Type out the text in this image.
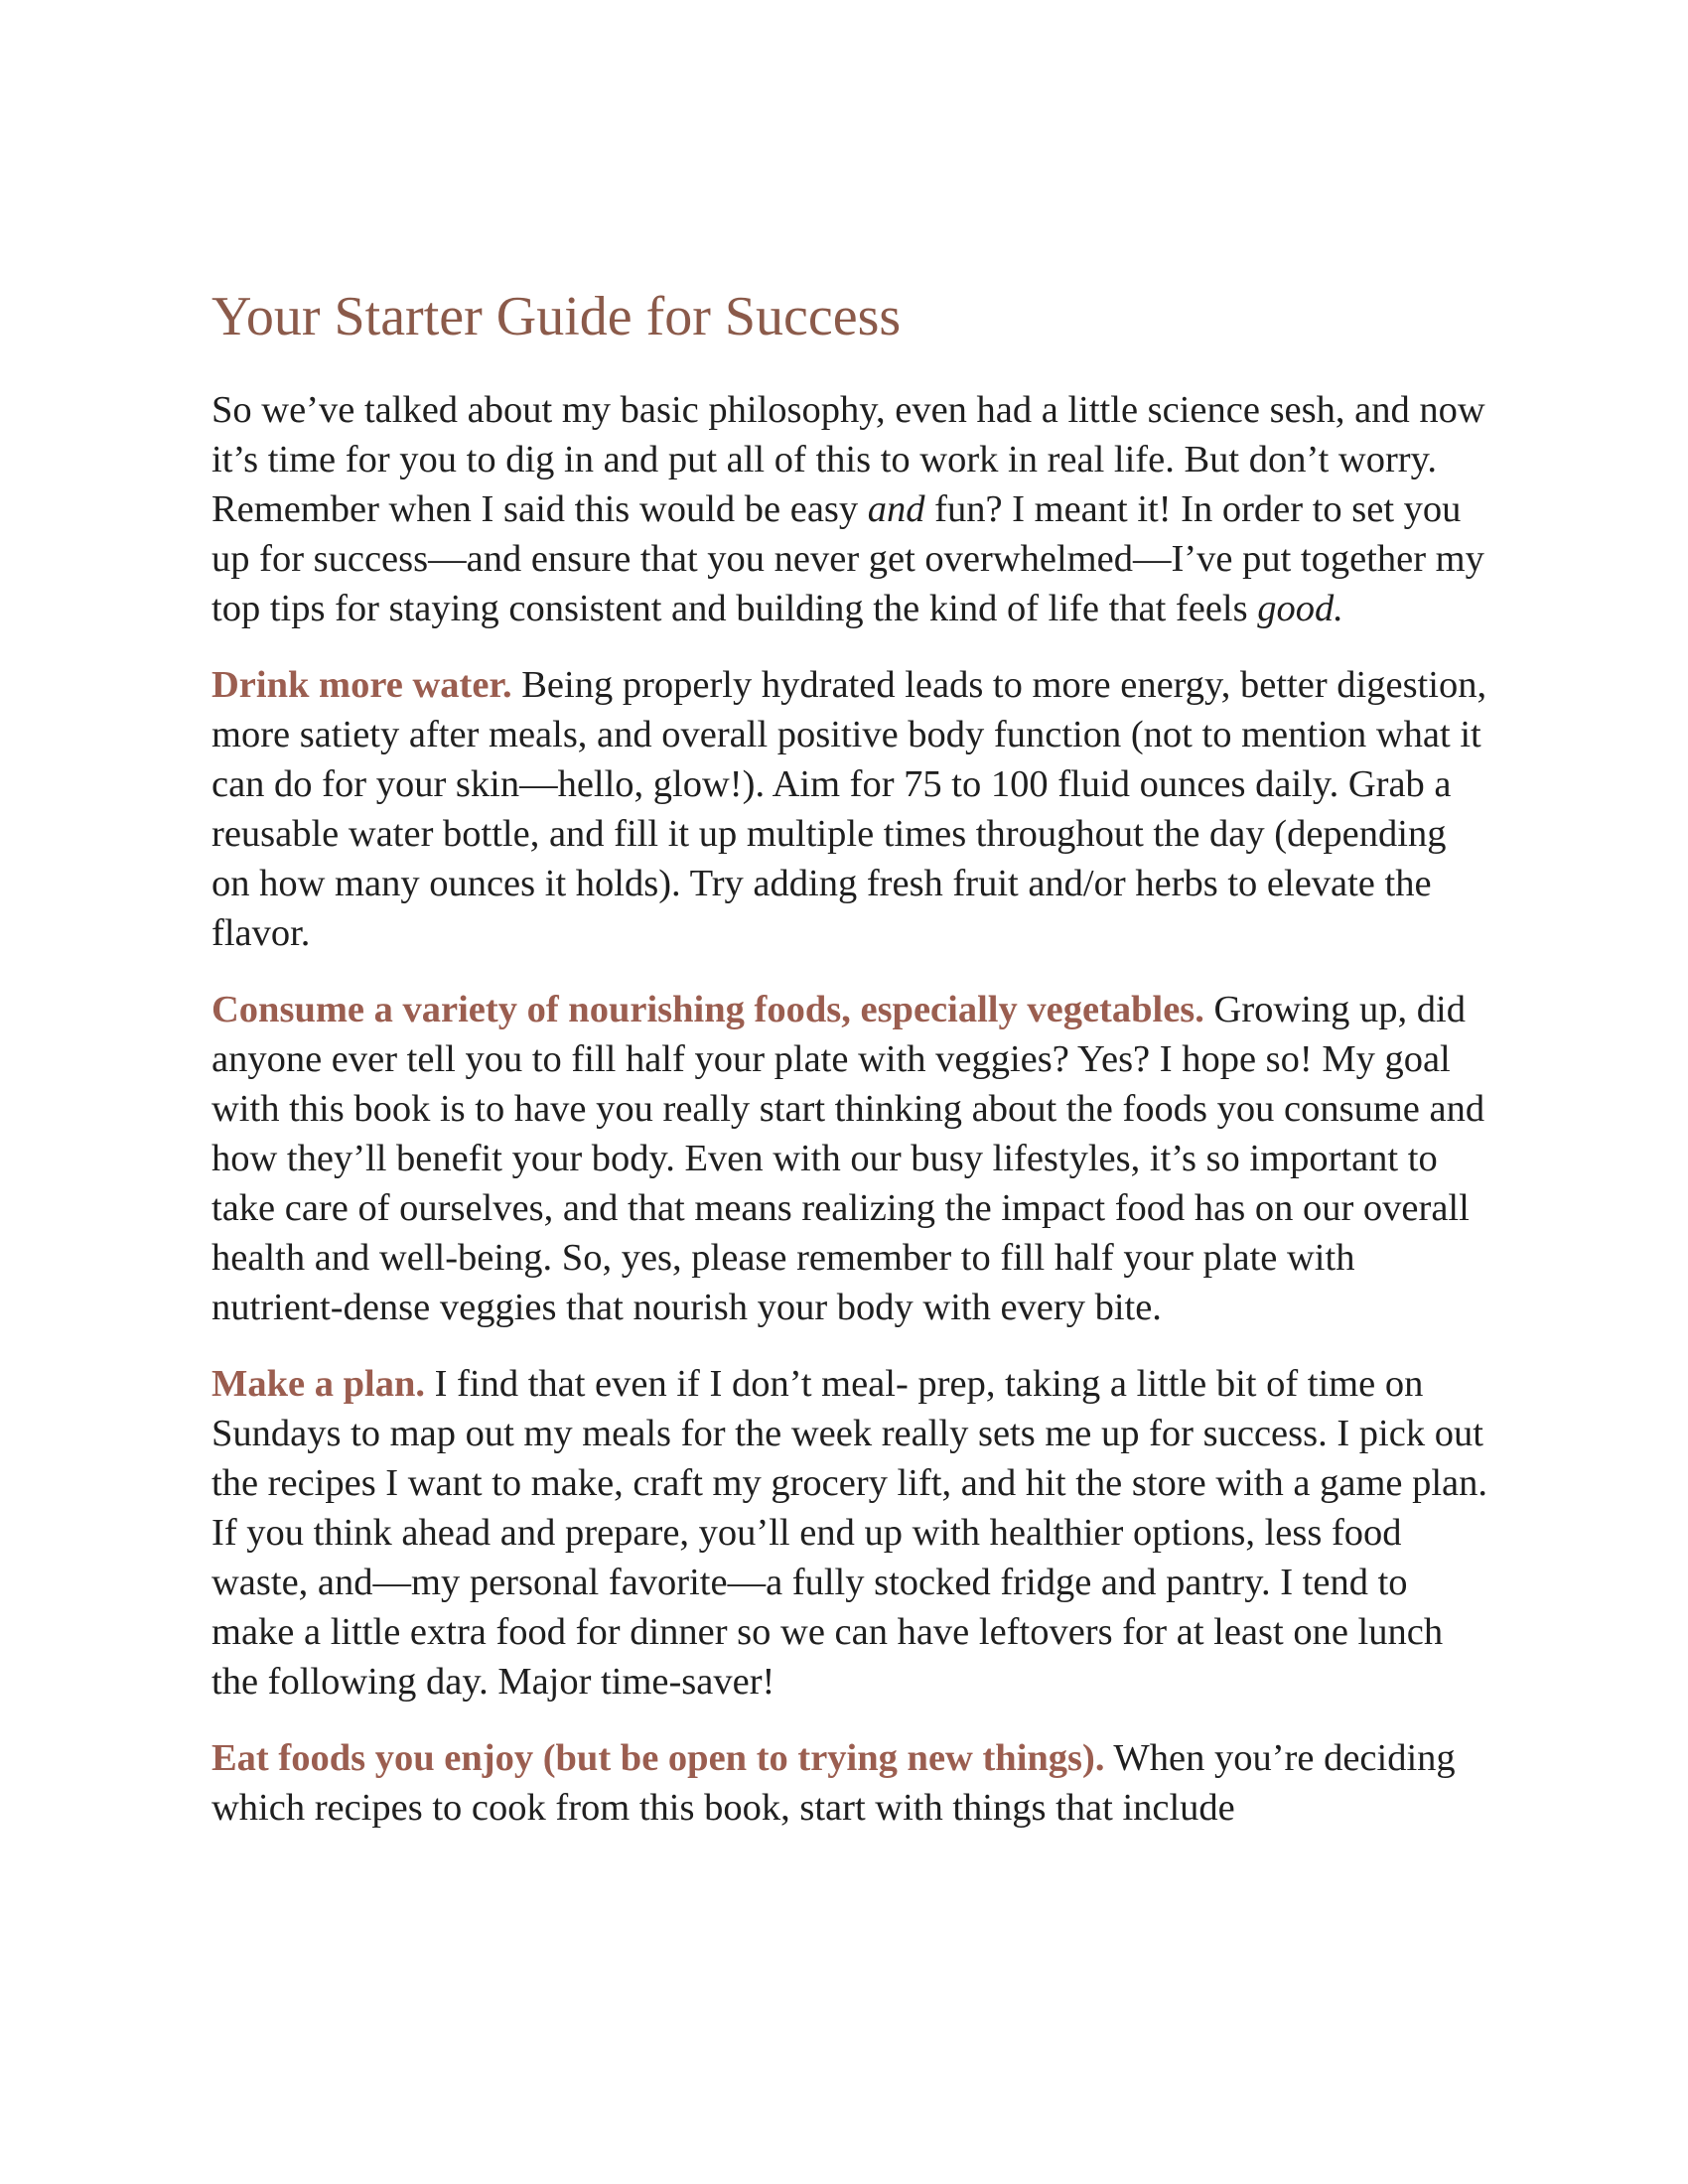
Your Starter Guide for Success

So we’ve talked about my basic philosophy, even had a little science sesh, and now it’s time for you to dig in and put all of this to work in real life. But don’t worry. Remember when I said this would be easy and fun? I meant it! In order to set you up for success—and ensure that you never get overwhelmed—I’ve put together my top tips for staying consistent and building the kind of life that feels good.

Drink more water. Being properly hydrated leads to more energy, better digestion, more satiety after meals, and overall positive body function (not to mention what it can do for your skin—hello, glow!). Aim for 75 to 100 fluid ounces daily. Grab a reusable water bottle, and fill it up multiple times throughout the day (depending on how many ounces it holds). Try adding fresh fruit and/or herbs to elevate the flavor.

Consume a variety of nourishing foods, especially vegetables. Growing up, did anyone ever tell you to fill half your plate with veggies? Yes? I hope so! My goal with this book is to have you really start thinking about the foods you consume and how they’ll benefit your body. Even with our busy lifestyles, it’s so important to take care of ourselves, and that means realizing the impact food has on our overall health and well-being. So, yes, please remember to fill half your plate with nutrient-dense veggies that nourish your body with every bite.

Make a plan. I find that even if I don’t meal- prep, taking a little bit of time on Sundays to map out my meals for the week really sets me up for success. I pick out the recipes I want to make, craft my grocery lift, and hit the store with a game plan. If you think ahead and prepare, you’ll end up with healthier options, less food waste, and—my personal favorite—a fully stocked fridge and pantry. I tend to make a little extra food for dinner so we can have leftovers for at least one lunch the following day. Major time-saver!

Eat foods you enjoy (but be open to trying new things). When you’re deciding which recipes to cook from this book, start with things that include
